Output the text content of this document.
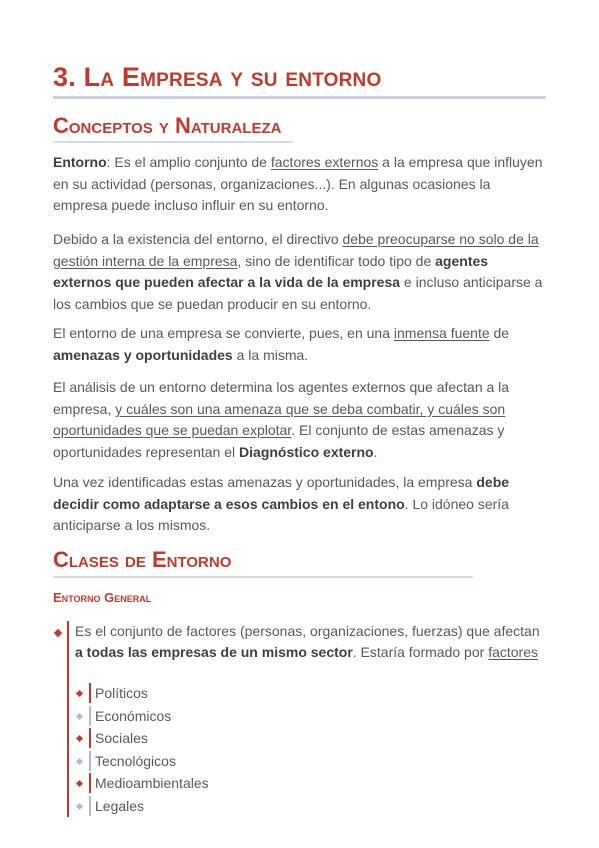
3. La Empresa y su entorno
Conceptos y Naturaleza

Entorno: Es el amplio conjunto de factores externos a la empresa que influyen en su actividad (personas, organizaciones...). En algunas ocasiones la empresa puede incluso influir en su entorno.

Debido a la existencia del entorno, el directivo debe preocuparse no solo de la gestión interna de la empresa, sino de identificar todo tipo de agentes externos que pueden afectar a la vida de la empresa e incluso anticiparse a los cambios que se puedan producir en su entorno.

El entorno de una empresa se convierte, pues, en una inmensa fuente de amenazas y oportunidades a la misma.

El análisis de un entorno determina los agentes externos que afectan a la empresa, y cuáles son una amenaza que se deba combatir, y cuáles son oportunidades que se puedan explotar. El conjunto de estas amenazas y oportunidades representan el Diagnóstico externo.

Una vez identificadas estas amenazas y oportunidades, la empresa debe decidir como adaptarse a esos cambios en el entono. Lo idóneo sería anticiparse a los mismos.

Clases de Entorno
Entorno General

Es el conjunto de factores (personas, organizaciones, fuerzas) que afectan a todas las empresas de un mismo sector. Estaría formado por factores

Políticos
Económicos
Sociales
Tecnológicos
Medioambientales
Legales
